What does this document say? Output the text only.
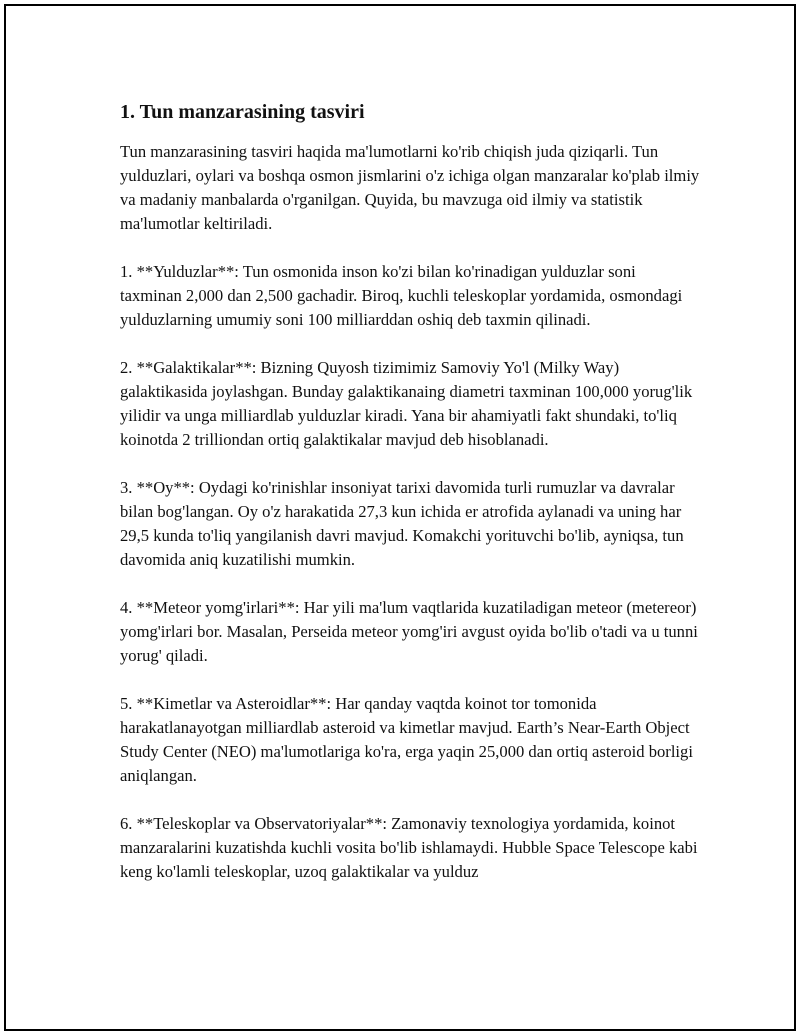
1. Tun manzarasining tasviri

Tun manzarasining tasviri haqida ma'lumotlarni ko'rib chiqish juda qiziqarli. Tun yulduzlari, oylari va boshqa osmon jismlarini o'z ichiga olgan manzaralar ko'plab ilmiy va madaniy manbalarda o'rganilgan. Quyida, bu mavzuga oid ilmiy va statistik ma'lumotlar keltiriladi.

1. **Yulduzlar**: Tun osmonida inson ko'zi bilan ko'rinadigan yulduzlar soni taxminan 2,000 dan 2,500 gachadir. Biroq, kuchli teleskoplar yordamida, osmondagi yulduzlarning umumiy soni 100 milliarddan oshiq deb taxmin qilinadi.

2. **Galaktikalar**: Bizning Quyosh tizimimiz Samoviy Yo'l (Milky Way) galaktikasida joylashgan. Bunday galaktikanaing diametri taxminan 100,000 yorug'lik yilidir va unga milliardlab yulduzlar kiradi. Yana bir ahamiyatli fakt shundaki, to'liq koinotda 2 trilliondan ortiq galaktikalar mavjud deb hisoblanadi.

3. **Oy**: Oydagi ko'rinishlar insoniyat tarixi davomida turli rumuzlar va davralar bilan bog'langan. Oy o'z harakatida 27,3 kun ichida er atrofida aylanadi va uning har 29,5 kunda to'liq yangilanish davri mavjud. Komakchi yorituvchi bo'lib, ayniqsa, tun davomida aniq kuzatilishi mumkin.

4. **Meteor yomg'irlari**: Har yili ma'lum vaqtlarida kuzatiladigan meteor (metereor) yomg'irlari bor. Masalan, Perseida meteor yomg'iri avgust oyida bo'lib o'tadi va u tunni yorug' qiladi.

5. **Kimetlar va Asteroidlar**: Har qanday vaqtda koinot tor tomonida harakatlanayotgan milliardlab asteroid va kimetlar mavjud. Earth’s Near-Earth Object Study Center (NEO) ma'lumotlariga ko'ra, erga yaqin 25,000 dan ortiq asteroid borligi aniqlangan.

6. **Teleskoplar va Observatoriyalar**: Zamonaviy texnologiya yordamida, koinot manzaralarini kuzatishda kuchli vosita bo'lib ishlamaydi. Hubble Space Telescope kabi keng ko'lamli teleskoplar, uzoq galaktikalar va yulduz
